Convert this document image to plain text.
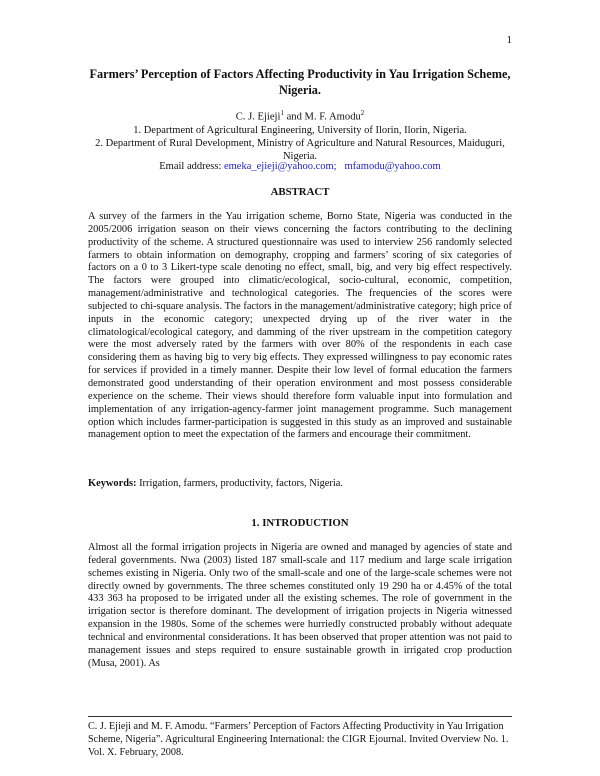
1
Farmers’ Perception of Factors Affecting Productivity in Yau Irrigation Scheme, Nigeria.
C. J. Ejieji$^1$ and M. F. Amodu$^2$
1. Department of Agricultural Engineering, University of Ilorin, Ilorin, Nigeria.
2. Department of Rural Development, Ministry of Agriculture and Natural Resources, Maiduguri, Nigeria.
Email address: emeka_ejieji@yahoo.com; mfamodu@yahoo.com
ABSTRACT

A survey of the farmers in the Yau irrigation scheme, Borno State, Nigeria was conducted in the 2005/2006 irrigation season on their views concerning the factors contributing to the declining productivity of the scheme. A structured questionnaire was used to interview 256 randomly selected farmers to obtain information on demography, cropping and farmers’ scoring of six categories of factors on a 0 to 3 Likert-type scale denoting no effect, small, big, and very big effect respectively. The factors were grouped into climatic/ecological, socio-cultural, economic, competition, management/administrative and technological categories. The frequencies of the scores were subjected to chi-square analysis. The factors in the management/administrative category; high price of inputs in the economic category; unexpected drying up of the river water in the climatological/ecological category, and damming of the river upstream in the competition category were the most adversely rated by the farmers with over 80% of the respondents in each case considering them as having big to very big effects. They expressed willingness to pay economic rates for services if provided in a timely manner. Despite their low level of formal education the farmers demonstrated good understanding of their operation environment and most possess considerable experience on the scheme. Their views should therefore form valuable input into formulation and implementation of any irrigation-agency-farmer joint management programme. Such management option which includes farmer-participation is suggested in this study as an improved and sustainable management option to meet the expectation of the farmers and encourage their commitment.

Keywords: Irrigation, farmers, productivity, factors, Nigeria.
1. INTRODUCTION

Almost all the formal irrigation projects in Nigeria are owned and managed by agencies of state and federal governments. Nwa (2003) listed 187 small-scale and 117 medium and large scale irrigation schemes existing in Nigeria. Only two of the small-scale and one of the large-scale schemes were not directly owned by governments. The three schemes constituted only 19 290 ha or 4.45% of the total 433 363 ha proposed to be irrigated under all the existing schemes. The role of government in the irrigation sector is therefore dominant. The development of irrigation projects in Nigeria witnessed expansion in the 1980s. Some of the schemes were hurriedly constructed probably without adequate technical and environmental considerations. It has been observed that proper attention was not paid to management issues and steps required to ensure sustainable growth in irrigated crop production (Musa, 2001). As

C. J. Ejieji and M. F. Amodu. “Farmers’ Perception of Factors Affecting Productivity in Yau Irrigation Scheme, Nigeria”. Agricultural Engineering International: the CIGR Ejournal. Invited Overview No. 1. Vol. X. February, 2008.
